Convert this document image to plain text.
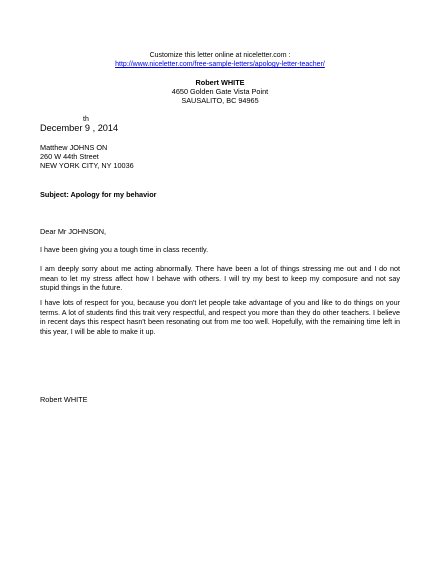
Customize this letter online at niceletter.com :
http://www.niceletter.com/free-sample-letters/apology-letter-teacher/
Robert WHITE
4650 Golden Gate Vista Point
SAUSALITO, BC 94965
th
December 9 , 2014
Matthew JOHNS ON
260 W 44th Street
NEW YORK CITY, NY 10036
Subject: Apology for my behavior
Dear Mr JOHNSON,
I have been giving you a tough time in class recently.
I am deeply sorry about me acting abnormally. There have been a lot of things stressing me out and I do not
mean to let my stress affect how I behave with others. I will try my best to keep my composure and not say
stupid things in the future.
I have lots of respect for you, because you don't let people take advantage of you and like to do things on your
terms. A lot of students find this trait very respectful, and respect you more than they do other teachers. I believe
in recent days this respect hasn't been resonating out from me too well. Hopefully, with the remaining time left in
this year, I will be able to make it up.
Robert WHITE
